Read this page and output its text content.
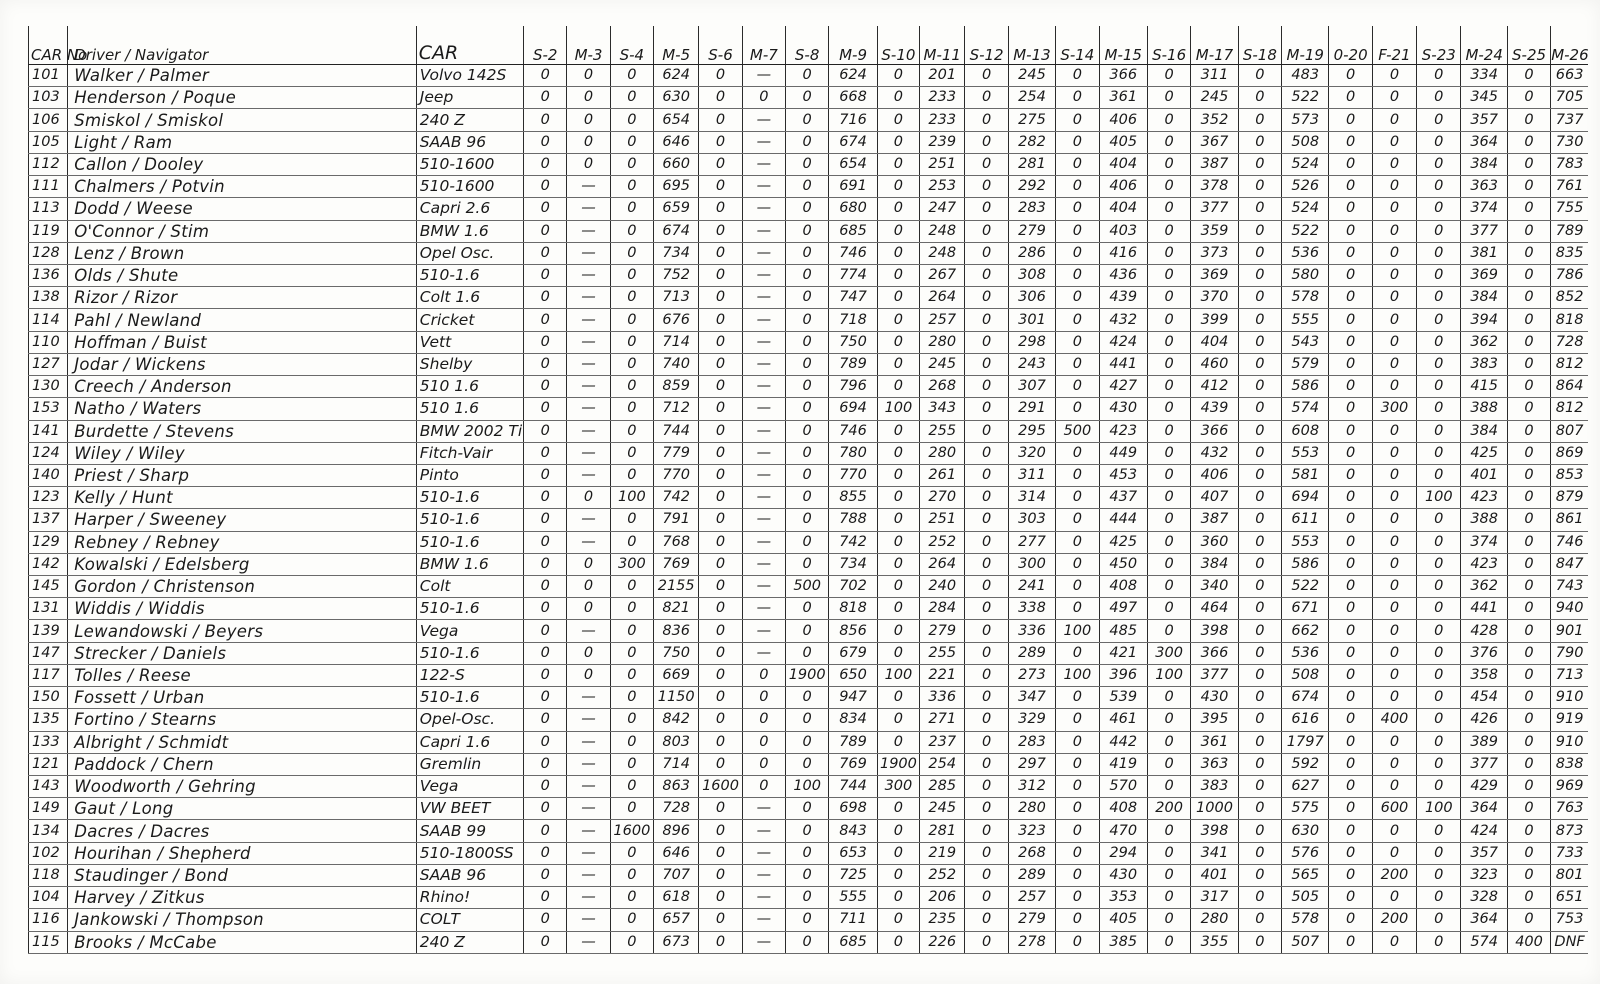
CAR No	Driver / Navigator	CAR	S-2	M-3	S-4	M-5	S-6	M-7	S-8	M-9	S-10	M-11	S-12	M-13	S-14	M-15	S-16	M-17	S-18	M-19	0-20	F-21	S-23	M-24	S-25	M-26
101	Walker / Palmer	Volvo 142S	0	0	0	624	0	—	0	624	0	201	0	245	0	366	0	311	0	483	0	0	0	334	0	663
103	Henderson / Poque	Jeep	0	0	0	630	0	0	0	668	0	233	0	254	0	361	0	245	0	522	0	0	0	345	0	705
106	Smiskol / Smiskol	240 Z	0	0	0	654	0	—	0	716	0	233	0	275	0	406	0	352	0	573	0	0	0	357	0	737
105	Light / Ram	SAAB 96	0	0	0	646	0	—	0	674	0	239	0	282	0	405	0	367	0	508	0	0	0	364	0	730
112	Callon / Dooley	510-1600	0	0	0	660	0	—	0	654	0	251	0	281	0	404	0	387	0	524	0	0	0	384	0	783
111	Chalmers / Potvin	510-1600	0	—	0	695	0	—	0	691	0	253	0	292	0	406	0	378	0	526	0	0	0	363	0	761
113	Dodd / Weese	Capri 2.6	0	—	0	659	0	—	0	680	0	247	0	283	0	404	0	377	0	524	0	0	0	374	0	755
119	O'Connor / Stim	BMW 1.6	0	—	0	674	0	—	0	685	0	248	0	279	0	403	0	359	0	522	0	0	0	377	0	789
128	Lenz / Brown	Opel Osc.	0	—	0	734	0	—	0	746	0	248	0	286	0	416	0	373	0	536	0	0	0	381	0	835
136	Olds / Shute	510-1.6	0	—	0	752	0	—	0	774	0	267	0	308	0	436	0	369	0	580	0	0	0	369	0	786
138	Rizor / Rizor	Colt 1.6	0	—	0	713	0	—	0	747	0	264	0	306	0	439	0	370	0	578	0	0	0	384	0	852
114	Pahl / Newland	Cricket	0	—	0	676	0	—	0	718	0	257	0	301	0	432	0	399	0	555	0	0	0	394	0	818
110	Hoffman / Buist	Vett	0	—	0	714	0	—	0	750	0	280	0	298	0	424	0	404	0	543	0	0	0	362	0	728
127	Jodar / Wickens	Shelby	0	—	0	740	0	—	0	789	0	245	0	243	0	441	0	460	0	579	0	0	0	383	0	812
130	Creech / Anderson	510 1.6	0	—	0	859	0	—	0	796	0	268	0	307	0	427	0	412	0	586	0	0	0	415	0	864
153	Natho / Waters	510 1.6	0	—	0	712	0	—	0	694	100	343	0	291	0	430	0	439	0	574	0	300	0	388	0	812
141	Burdette / Stevens	BMW 2002 Ti	0	—	0	744	0	—	0	746	0	255	0	295	500	423	0	366	0	608	0	0	0	384	0	807
124	Wiley / Wiley	Fitch-Vair	0	—	0	779	0	—	0	780	0	280	0	320	0	449	0	432	0	553	0	0	0	425	0	869
140	Priest / Sharp	Pinto	0	—	0	770	0	—	0	770	0	261	0	311	0	453	0	406	0	581	0	0	0	401	0	853
123	Kelly / Hunt	510-1.6	0	0	100	742	0	—	0	855	0	270	0	314	0	437	0	407	0	694	0	0	100	423	0	879
137	Harper / Sweeney	510-1.6	0	—	0	791	0	—	0	788	0	251	0	303	0	444	0	387	0	611	0	0	0	388	0	861
129	Rebney / Rebney	510-1.6	0	—	0	768	0	—	0	742	0	252	0	277	0	425	0	360	0	553	0	0	0	374	0	746
142	Kowalski / Edelsberg	BMW 1.6	0	0	300	769	0	—	0	734	0	264	0	300	0	450	0	384	0	586	0	0	0	423	0	847
145	Gordon / Christenson	Colt	0	0	0	2155	0	—	500	702	0	240	0	241	0	408	0	340	0	522	0	0	0	362	0	743
131	Widdis / Widdis	510-1.6	0	0	0	821	0	—	0	818	0	284	0	338	0	497	0	464	0	671	0	0	0	441	0	940
139	Lewandowski / Beyers	Vega	0	—	0	836	0	—	0	856	0	279	0	336	100	485	0	398	0	662	0	0	0	428	0	901
147	Strecker / Daniels	510-1.6	0	0	0	750	0	—	0	679	0	255	0	289	0	421	300	366	0	536	0	0	0	376	0	790
117	Tolles / Reese	122-S	0	0	0	669	0	0	1900	650	100	221	0	273	100	396	100	377	0	508	0	0	0	358	0	713
150	Fossett / Urban	510-1.6	0	—	0	1150	0	0	0	947	0	336	0	347	0	539	0	430	0	674	0	0	0	454	0	910
135	Fortino / Stearns	Opel-Osc.	0	—	0	842	0	0	0	834	0	271	0	329	0	461	0	395	0	616	0	400	0	426	0	919
133	Albright / Schmidt	Capri 1.6	0	—	0	803	0	0	0	789	0	237	0	283	0	442	0	361	0	1797	0	0	0	389	0	910
121	Paddock / Chern	Gremlin	0	—	0	714	0	0	0	769	1900	254	0	297	0	419	0	363	0	592	0	0	0	377	0	838
143	Woodworth / Gehring	Vega	0	—	0	863	1600	0	100	744	300	285	0	312	0	570	0	383	0	627	0	0	0	429	0	969
149	Gaut / Long	VW BEET	0	—	0	728	0	—	0	698	0	245	0	280	0	408	200	1000	0	575	0	600	100	364	0	763
134	Dacres / Dacres	SAAB 99	0	—	1600	896	0	—	0	843	0	281	0	323	0	470	0	398	0	630	0	0	0	424	0	873
102	Hourihan / Shepherd	510-1800SS	0	—	0	646	0	—	0	653	0	219	0	268	0	294	0	341	0	576	0	0	0	357	0	733
118	Staudinger / Bond	SAAB 96	0	—	0	707	0	—	0	725	0	252	0	289	0	430	0	401	0	565	0	200	0	323	0	801
104	Harvey / Zitkus	Rhino!	0	—	0	618	0	—	0	555	0	206	0	257	0	353	0	317	0	505	0	0	0	328	0	651
116	Jankowski / Thompson	COLT	0	—	0	657	0	—	0	711	0	235	0	279	0	405	0	280	0	578	0	200	0	364	0	753
115	Brooks / McCabe	240 Z	0	—	0	673	0	—	0	685	0	226	0	278	0	385	0	355	0	507	0	0	0	574	400	DNF
